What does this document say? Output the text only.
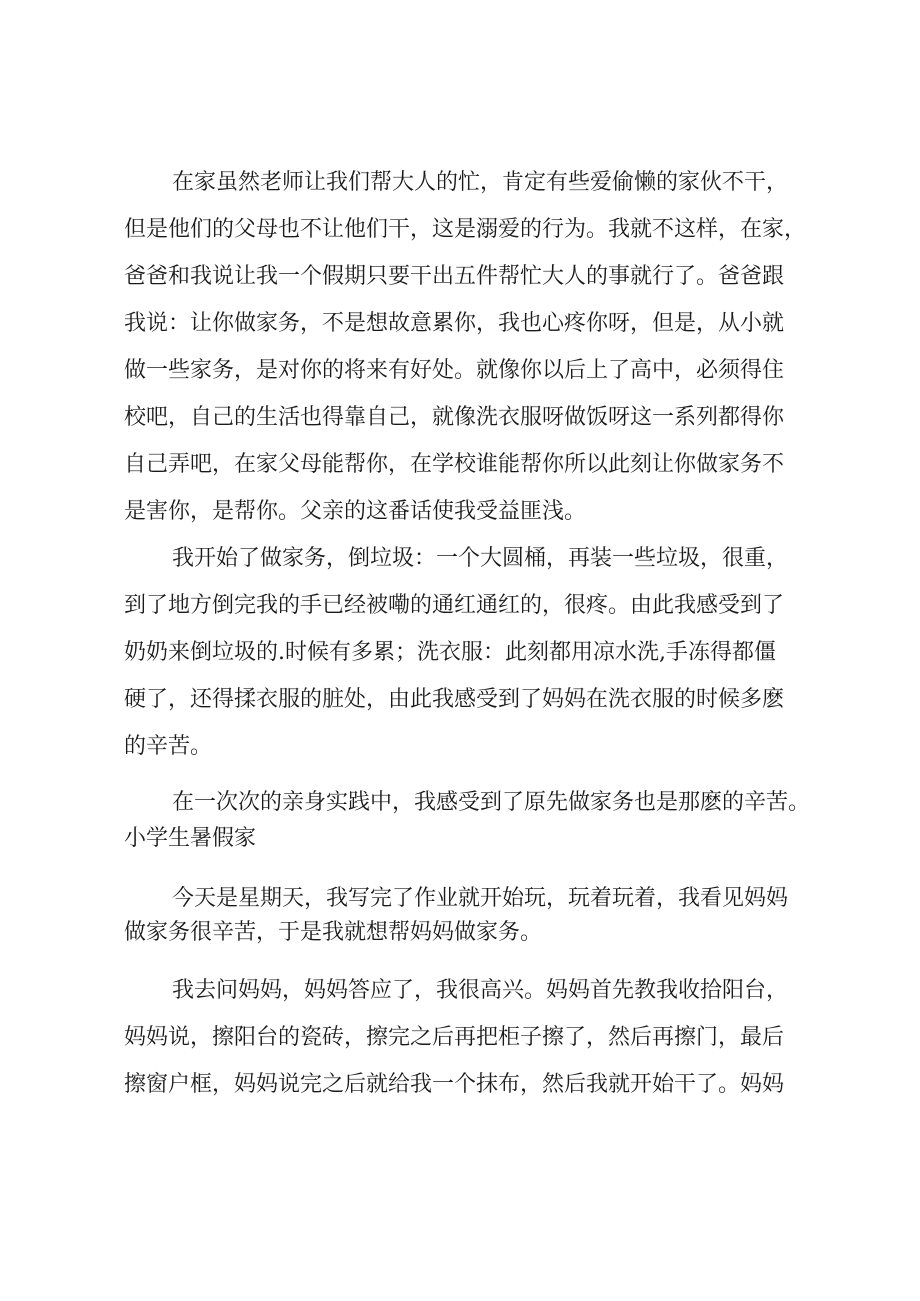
在家虽然老师让我们帮大人的忙，肯定有些爱偷懒的家伙不干，
但是他们的父母也不让他们干，这是溺爱的行为。我就不这样，在家，
爸爸和我说让我一个假期只要干出五件帮忙大人的事就行了。爸爸跟
我说：让你做家务，不是想故意累你，我也心疼你呀，但是，从小就
做一些家务，是对你的将来有好处。就像你以后上了高中，必须得住
校吧，自己的生活也得靠自己，就像洗衣服呀做饭呀这一系列都得你
自己弄吧，在家父母能帮你，在学校谁能帮你所以此刻让你做家务不
是害你，是帮你。父亲的这番话使我受益匪浅。
我开始了做家务，倒垃圾：一个大圆桶，再装一些垃圾，很重，
到了地方倒完我的手已经被嘞的通红通红的，很疼。由此我感受到了
奶奶来倒垃圾的.时候有多累；洗衣服：此刻都用凉水洗,手冻得都僵
硬了，还得揉衣服的脏处，由此我感受到了妈妈在洗衣服的时候多麽
的辛苦。
在一次次的亲身实践中，我感受到了原先做家务也是那麽的辛苦。
小学生暑假家
今天是星期天，我写完了作业就开始玩，玩着玩着，我看见妈妈
做家务很辛苦，于是我就想帮妈妈做家务。
我去问妈妈，妈妈答应了，我很高兴。妈妈首先教我收拾阳台，
妈妈说，擦阳台的瓷砖，擦完之后再把柜子擦了，然后再擦门，最后
擦窗户框，妈妈说完之后就给我一个抹布，然后我就开始干了。妈妈
